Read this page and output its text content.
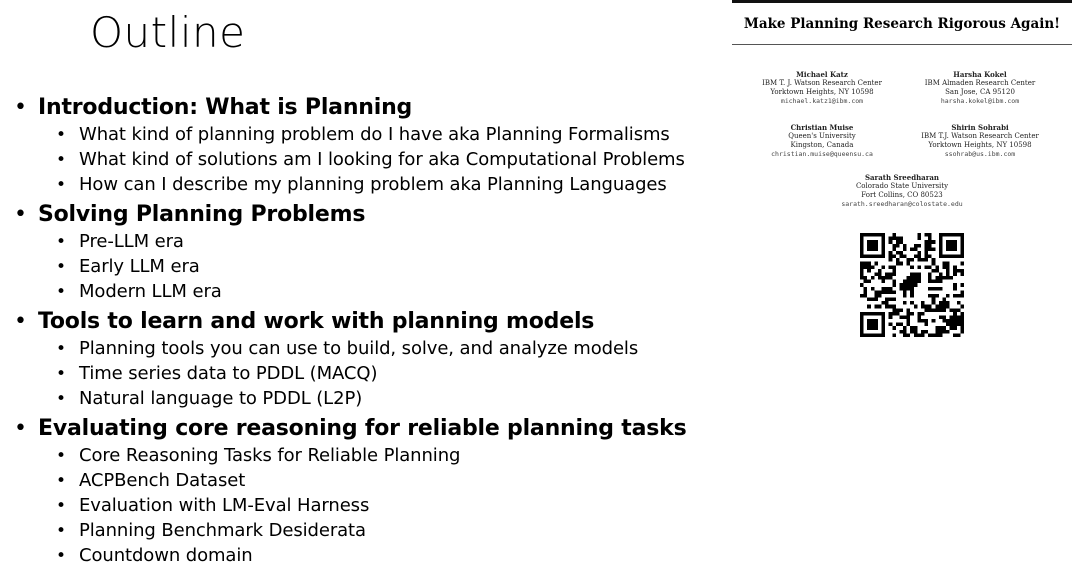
Outline
• Introduction: What is Planning
• What kind of planning problem do I have aka Planning Formalisms
• What kind of solutions am I looking for aka Computational Problems
• How can I describe my planning problem aka Planning Languages
• Solving Planning Problems
• Pre-LLM era
• Early LLM era
• Modern LLM era
• Tools to learn and work with planning models
• Planning tools you can use to build, solve, and analyze models
• Time series data to PDDL (MACQ)
• Natural language to PDDL (L2P)
• Evaluating core reasoning for reliable planning tasks
• Core Reasoning Tasks for Reliable Planning
• ACPBench Dataset
• Evaluation with LM-Eval Harness
• Planning Benchmark Desiderata
• Countdown domain
Make Planning Research Rigorous Again!
Michael Katz
IBM T. J. Watson Research Center
Yorktown Heights, NY 10598
michael.katz1@ibm.com
Harsha Kokel
IBM Almaden Research Center
San Jose, CA 95120
harsha.kokel@ibm.com
Christian Muise
Queen's University
Kingston, Canada
christian.muise@queensu.ca
Shirin Sohrabi
IBM T.J. Watson Research Center
Yorktown Heights, NY 10598
ssohrab@us.ibm.com
Sarath Sreedharan
Colorado State University
Fort Collins, CO 80523
sarath.sreedharan@colostate.edu
